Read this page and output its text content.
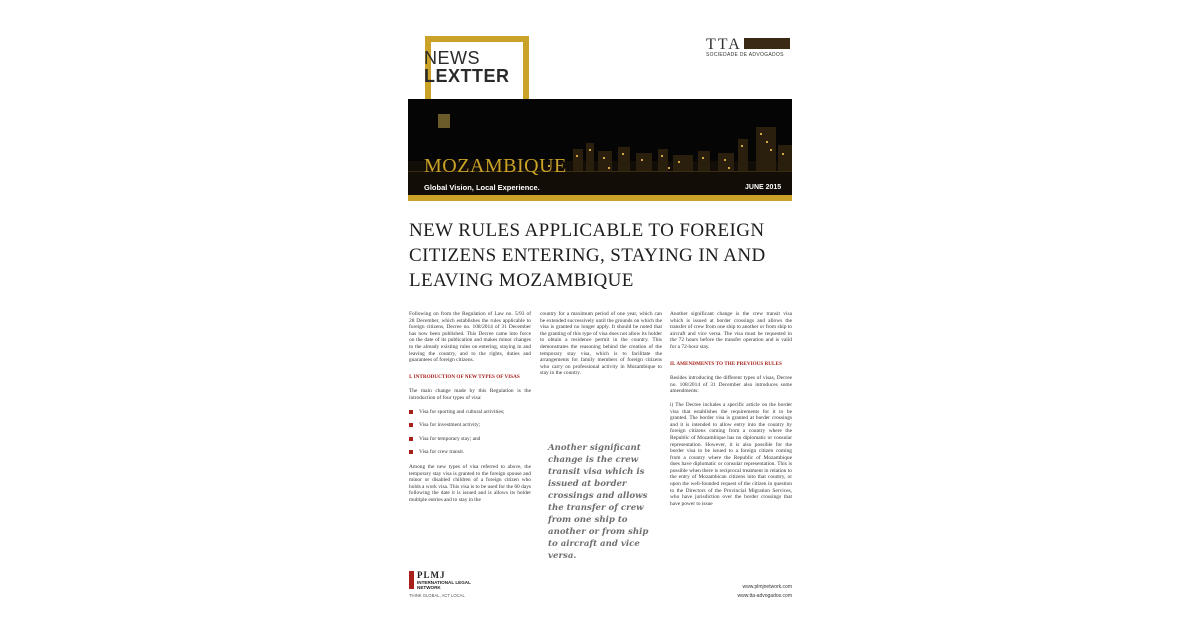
NEWS
LEXTTER
TTA
SOCIEDADE DE ADVOGADOS
MOZAMBIQUE
Global Vision, Local Experience.	JUNE 2015
NEW RULES APPLICABLE TO FOREIGN CITIZENS ENTERING, STAYING IN AND LEAVING MOZAMBIQUE

Following on from the Regulation of Law no. 5/93 of 28 December, which establishes the rules applicable to foreign citizens, Decree no. 108/2014 of 31 December has now been published. This Decree came into force on the date of its publication and makes minor changes to the already existing rules on entering, staying in and leaving the country, and to the rights, duties and guarantees of foreign citizens.

I. INTRODUCTION OF NEW TYPES OF VISAS

The main change made by this Regulation is the introduction of four types of visa:

Visa for sporting and cultural activities;
Visa for investment activity;
Visa for temporary stay; and
Visa for crew transit.

Among the new types of visa referred to above, the temporary stay visa is granted to the foreign spouse and minor or disabled children of a foreign citizen who holds a work visa. This visa is to be used for the 60 days following the date it is issued and is allows its holder multiple entries and to stay in the

country for a maximum period of one year, which can be extended successively until the grounds on which the visa is granted no longer apply. It should be noted that the granting of this type of visa does not allow its holder to obtain a residence permit in the country. This demonstrates the reasoning behind the creation of the temporary stay visa, which is to facilitate the arrangements for family members of foreign citizens who carry on professional activity in Mozambique to stay in the country.

Another significant change is the crew transit visa which is issued at border crossings and allows the transfer of crew from one ship to another or from ship to aircraft and vice versa.

Another significant change is the crew transit visa which is issued at border crossings and allows the transfer of crew from one ship to another or from ship to aircraft and vice versa. The visa must be requested in the 72 hours before the transfer operation and is valid for a 72-hour stay.

II. AMENDMENTS TO THE PREVIOUS RULES

Besides introducing the different types of visas, Decree no. 108/2014 of 31 December also introduces some amendments:

i) The Decree includes a specific article on the border visa that establishes the requirements for it to be granted. The border visa is granted at border crossings and it is intended to allow entry into the country by foreign citizens coming from a country where the Republic of Mozambique has no diplomatic or consular representation. However, it is also possible for the border visa to be issued to a foreign citizen coming from a country where the Republic of Mozambique does have diplomatic or consular representation. This is possible when there is reciprocal treatment in relation to the entry of Mozambican citizens into that country, or upon the well-founded request of the citizen in question to the Directors of the Provincial Migration Services, who have jurisdiction over the border crossings that have power to issue

PLMJ
INTERNATIONAL LEGAL NETWORK
THINK GLOBAL, ACT LOCAL
www.plmjnetwork.com
www.tta-advogados.com
